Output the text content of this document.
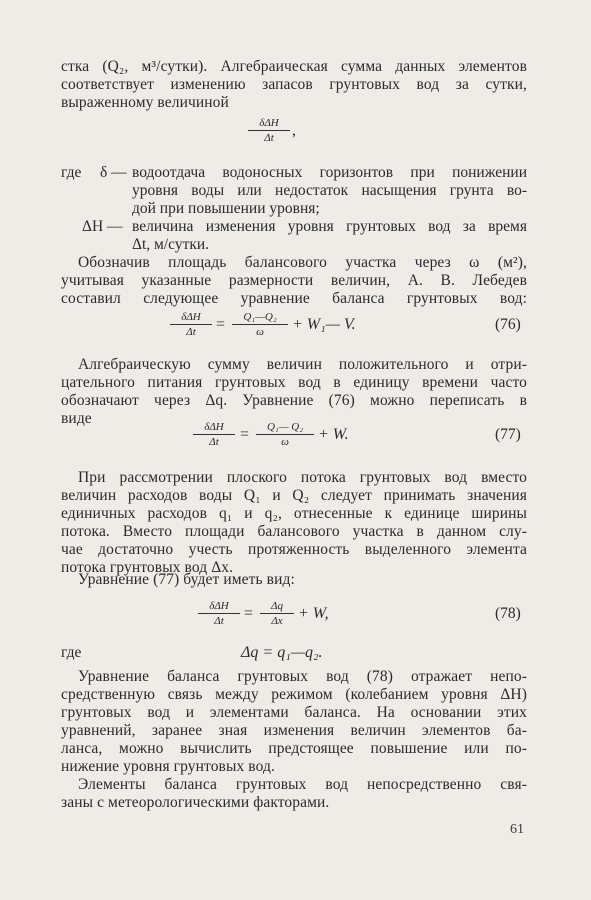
стка (Q₂, м³/сутки). Алгебраическая сумма данных элементов
соответствует изменению запасов грунтовых вод за сутки,
выраженному величиной
δΔH
Δt	,
где δ — водоотдача водоносных горизонтов при понижении
уровня воды или недостаток насыщения грунта во-
дой при повышении уровня;
ΔH — величина изменения уровня грунтовых вод за время
Δt, м/сутки.
Обозначив площадь балансового участка через ω (м²),
учитывая указанные размерности величин, А. В. Лебедев
составил следующее уравнение баланса грунтовых вод:
δΔH
Δt	= $\frac{\text{Q₁—Q₂}}{\omega}$ + W₁— V.	(76)
Алгебраическую сумму величин положительного и отри-
цательного питания грунтовых вод в единицу времени часто
обозначают через Δq. Уравнение (76) можно переписать в
виде	δΔH
Δt	= $\frac{\text{Q₁— Q₂}}{\omega} + W$.	(77)
При рассмотрении плоского потока грунтовых вод вместо
величин расходов воды Q₁ и Q₂ следует принимать значения
единичных расходов q₁ и q₂, отнесенные к единице ширины
потока. Вместо площади балансового участка в данном слу-
чае достаточно учесть протяженность выделенного элемента
потока грунтовых вод Δx.
Уравнение (77) будет иметь вид:
δΔH
Δt	= $\frac{\Delta q}{\Delta x} + W$,	(78)
где	Δq = q₁—q₂.
Уравнение баланса грунтовых вод (78) отражает непо-
средственную связь между режимом (колебанием уровня ΔH)
грунтовых вод и элементами баланса. На основании этих
уравнений, заранее зная изменения величин элементов ба-
ланса, можно вычислить предстоящее повышение или по-
нижение уровня грунтовых вод.
Элементы баланса грунтовых вод непосредственно свя-
заны с метеорологическими факторами.
61
